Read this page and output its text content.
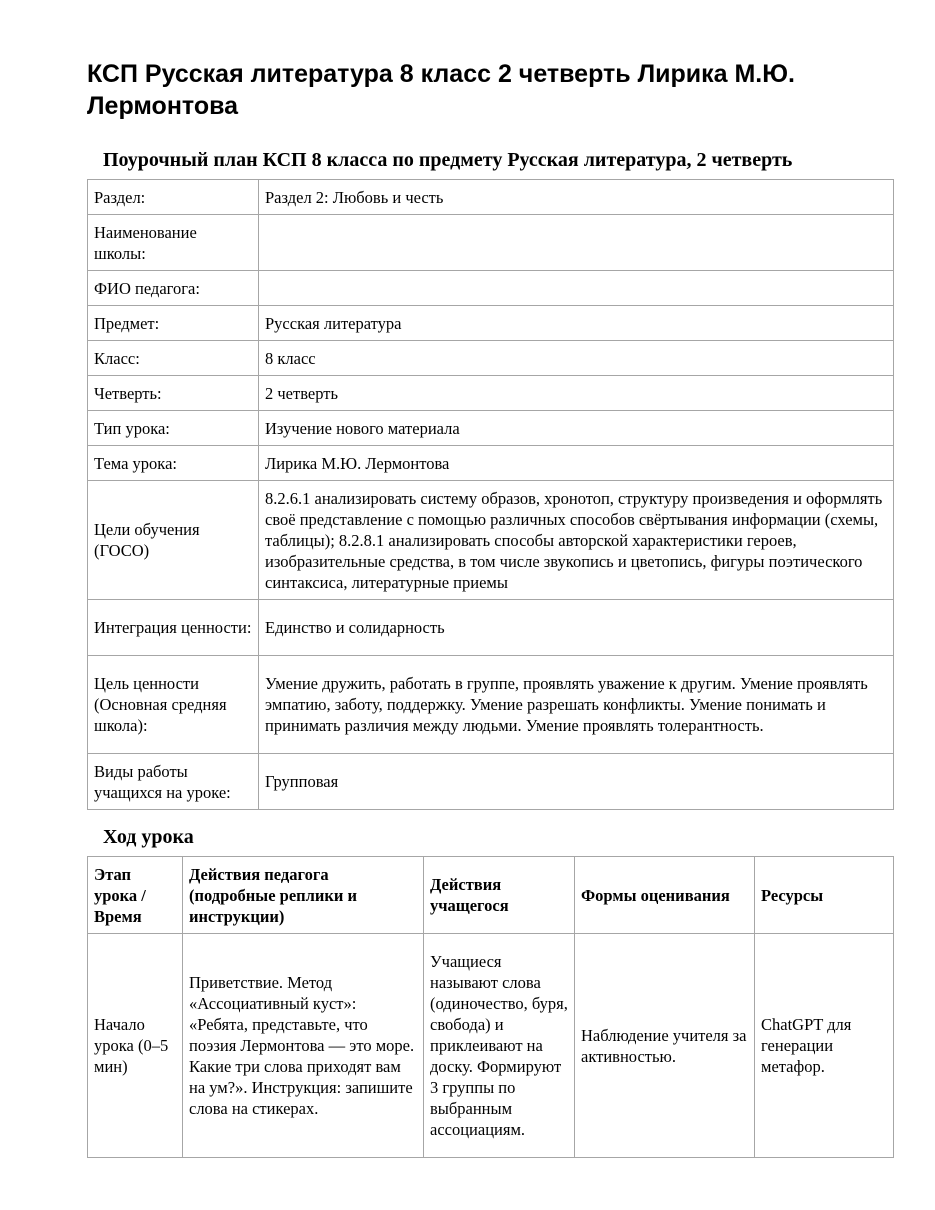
КСП Русская литература 8 класс 2 четверть Лирика М.Ю. Лермонтова
Поурочный план КСП 8 класса по предмету Русская литература, 2 четверть
Раздел:	Раздел 2: Любовь и честь
Наименование школы:	
ФИО педагога:	
Предмет:	Русская литература
Класс:	8 класс
Четверть:	2 четверть
Тип урока:	Изучение нового материала
Тема урока:	Лирика М.Ю. Лермонтова
Цели обучения (ГОСО)	8.2.6.1 анализировать систему образов, хронотоп, структуру произведения и оформлять своё представление с помощью различных способов свёртывания информации (схемы, таблицы); 8.2.8.1 анализировать способы авторской характеристики героев, изобразительные средства, в том числе звукопись и цветопись, фигуры поэтического синтаксиса, литературные приемы
Интеграция ценности:	Единство и солидарность
Цель ценности (Основная средняя школа):	Умение дружить, работать в группе, проявлять уважение к другим. Умение проявлять эмпатию, заботу, поддержку. Умение разрешать конфликты. Умение понимать и принимать различия между людьми. Умение проявлять толерантность.
Виды работы учащихся на уроке:	Групповая
Ход урока
Этап урока / Время	Действия педагога (подробные реплики и инструкции)	Действия учащегося	Формы оценивания	Ресурсы
Начало урока (0–5 мин)	Приветствие. Метод «Ассоциативный куст»: «Ребята, представьте, что поэзия Лермонтова — это море. Какие три слова приходят вам на ум?». Инструкция: запишите слова на стикерах.	Учащиеся называют слова (одиночество, буря, свобода) и приклеивают на доску. Формируют 3 группы по выбранным ассоциациям.	Наблюдение учителя за активностью.	ChatGPT для генерации метафор.
